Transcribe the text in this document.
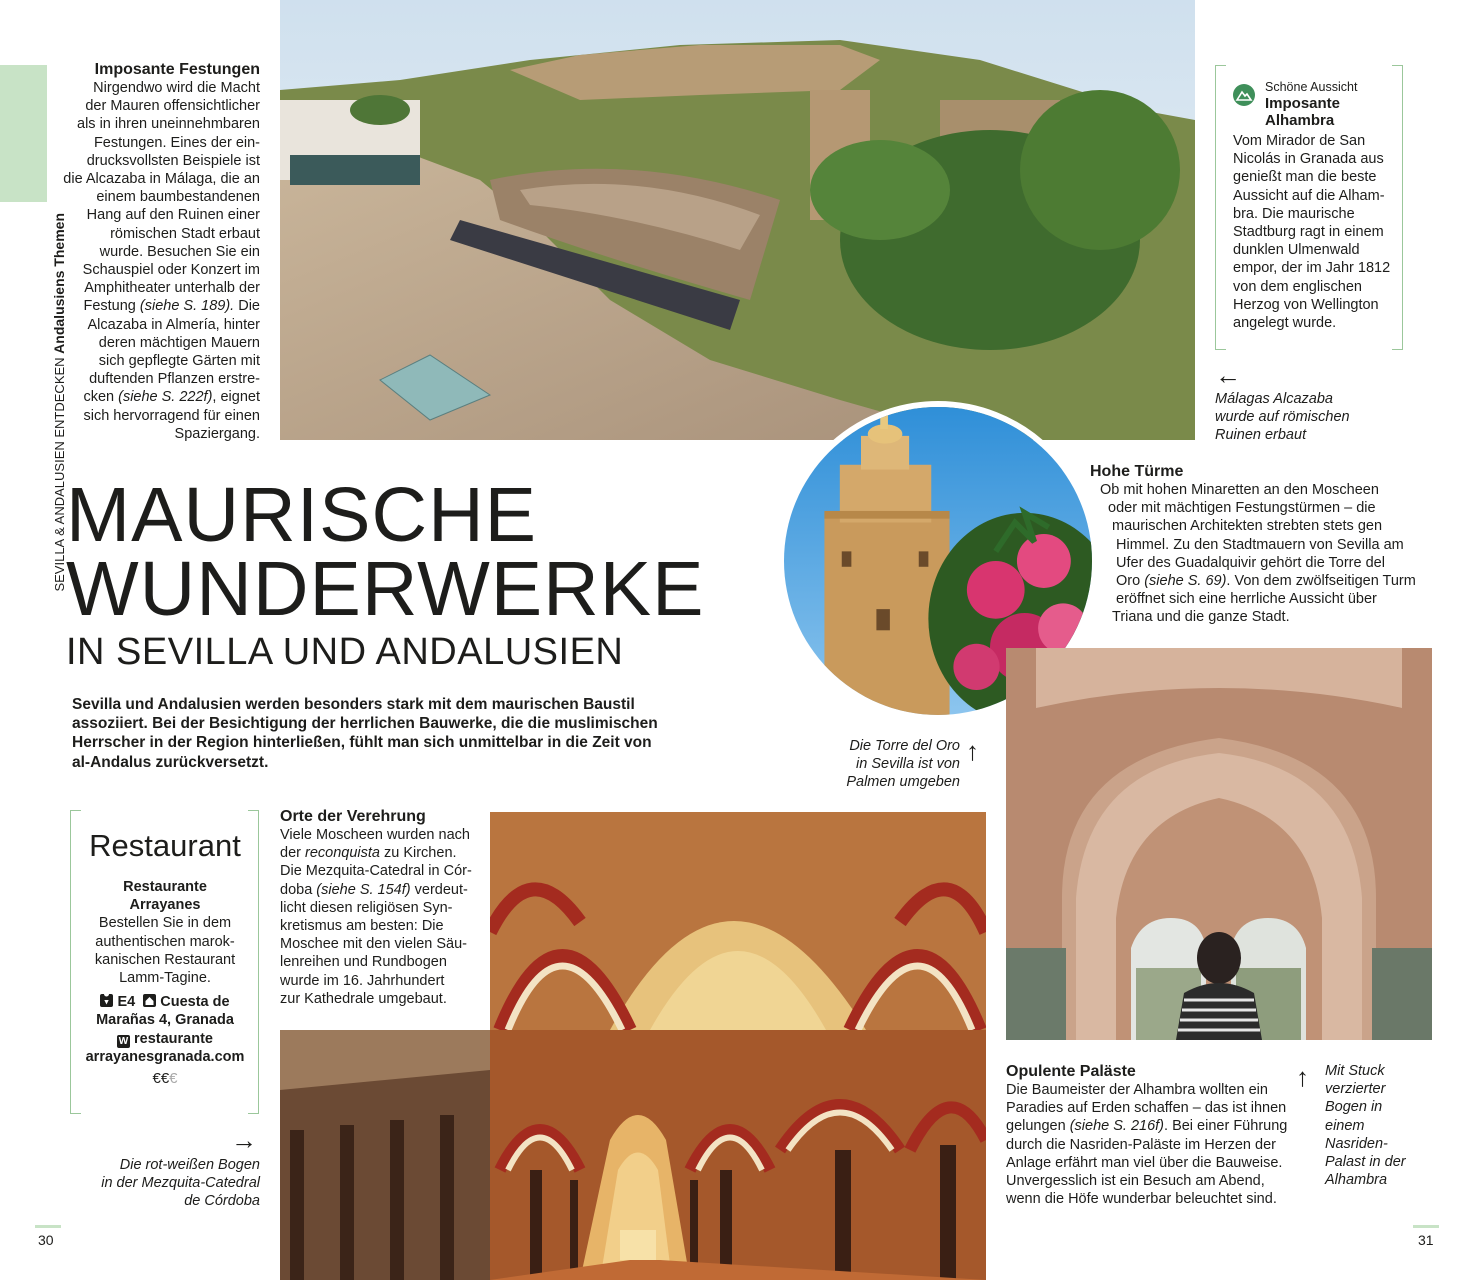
SEVILLA & ANDALUSIEN ENTDECKEN Andalusiens Themen
Imposante Festungen
Nirgendwo wird die Macht
der Mauren offensichtlicher
als in ihren uneinnehmbaren
Festungen. Eines der ein-
drucksvollsten Beispiele ist
die Alcazaba in Málaga, die an
einem baumbestandenen
Hang auf den Ruinen einer
römischen Stadt erbaut
wurde. Besuchen Sie ein
Schauspiel oder Konzert im
Amphitheater unterhalb der
Festung (siehe S. 189). Die
Alcazaba in Almería, hinter
deren mächtigen Mauern
sich gepflegte Gärten mit
duftenden Pflanzen erstre-
cken (siehe S. 222f), eignet
sich hervorragend für einen
Spaziergang.
Schöne Aussicht
Imposante
Alhambra
Vom Mirador de San
Nicolás in Granada aus
genießt man die beste
Aussicht auf die Alham-
bra. Die maurische
Stadtburg ragt in einem
dunklen Ulmenwald
empor, der im Jahr 1812
von dem englischen
Herzog von Wellington
angelegt wurde.
←
Málagas Alcazaba
wurde auf römischen
Ruinen erbaut
MAURISCHE
WUNDERWERKE
IN SEVILLA UND ANDALUSIEN
Sevilla und Andalusien werden besonders stark mit dem maurischen Baustil
assoziiert. Bei der Besichtigung der herrlichen Bauwerke, die die muslimischen
Herrscher in der Region hinterließen, fühlt man sich unmittelbar in die Zeit von
al-Andalus zurückversetzt.
Hohe Türme
Ob mit hohen Minaretten an den Moscheen
oder mit mächtigen Festungstürmen – die
maurischen Architekten strebten stets gen
Himmel. Zu den Stadtmauern von Sevilla am
Ufer des Guadalquivir gehört die Torre del
Oro (siehe S. 69). Von dem zwölfseitigen Turm
eröffnet sich eine herrliche Aussicht über
Triana und die ganze Stadt.
Die Torre del Oro
in Sevilla ist von
Palmen umgeben
↑
Restaurant
Restaurante
Arrayanes
Bestellen Sie in dem
authentischen marok-
kanischen Restaurant
Lamm-Tagine.
E4 Cuesta de
Marañas 4, Granada
W restaurante
arrayanesgranada.com
€€€
→
Die rot-weißen Bogen
in der Mezquita-Catedral
de Córdoba
Orte der Verehrung
Viele Moscheen wurden nach
der reconquista zu Kirchen.
Die Mezquita-Catedral in Cór-
doba (siehe S. 154f) verdeut-
licht diesen religiösen Syn-
kretismus am besten: Die
Moschee mit den vielen Säu-
lenreihen und Rundbogen
wurde im 16. Jahrhundert
zur Kathedrale umgebaut.
Opulente Paläste
Die Baumeister der Alhambra wollten ein
Paradies auf Erden schaffen – das ist ihnen
gelungen (siehe S. 216f). Bei einer Führung
durch die Nasriden-Paläste im Herzen der
Anlage erfährt man viel über die Bauweise.
Unvergesslich ist ein Besuch am Abend,
wenn die Höfe wunderbar beleuchtet sind.
↑ Mit Stuck
verzierter
Bogen in
einem
Nasriden-
Palast in der
Alhambra
30	31
